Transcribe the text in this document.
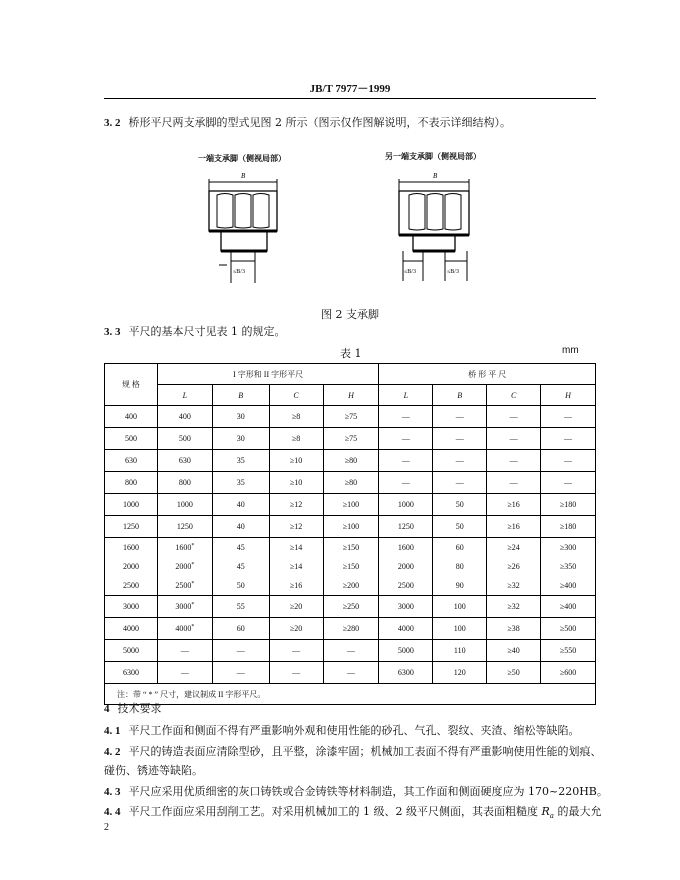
JB/T 7977－1999
3. 2 桥形平尺两支承脚的型式见图 2 所示（图示仅作图解说明，不表示详细结构）。
一端支承脚（侧视局部）	另一端支承脚（侧视局部）
B
≤B/3
B
≤B/3	≤B/3
图 2 支承脚
3. 3 平尺的基本尺寸见表 1 的规定。
表 1	mm
规 格	I 字形和 II 字形平尺				桥 形 平 尺			
	L	B	C	H	L	B	C	H
400	400	30	≥8	≥75	—	—	—	—
500	500	30	≥8	≥75	—	—	—	—
630	630	35	≥10	≥80	—	—	—	—
800	800	35	≥10	≥80	—	—	—	—
1000	1000	40	≥12	≥100	1000	50	≥16	≥180
1250	1250	40	≥12	≥100	1250	50	≥16	≥180
1600	1600*	45	≥14	≥150	1600	60	≥24	≥300
2000	2000*	45	≥14	≥150	2000	80	≥26	≥350
2500	2500*	50	≥16	≥200	2500	90	≥32	≥400
3000	3000*	55	≥20	≥250	3000	100	≥32	≥400
4000	4000*	60	≥20	≥280	4000	100	≥38	≥500
5000	—	—	—	—	5000	110	≥40	≥550
6300	—	—	—	—	6300	120	≥50	≥600
注：带 “ * ” 尺寸，建议制成 II 字形平尺。								
4 技术要求
4. 1 平尺工作面和侧面不得有严重影响外观和使用性能的砂孔、气孔、裂纹、夹渣、缩松等缺陷。
4. 2 平尺的铸造表面应清除型砂，且平整，涂漆牢固；机械加工表面不得有严重影响使用性能的划痕、
碰伤、锈迹等缺陷。
4. 3 平尺应采用优质细密的灰口铸铁或合金铸铁等材料制造，其工作面和侧面硬度应为 170~220HB。
4. 4 平尺工作面应采用刮削工艺。对采用机械加工的 1 级、2 级平尺侧面，其表面粗糙度 $R_a$ 的最大允
2
